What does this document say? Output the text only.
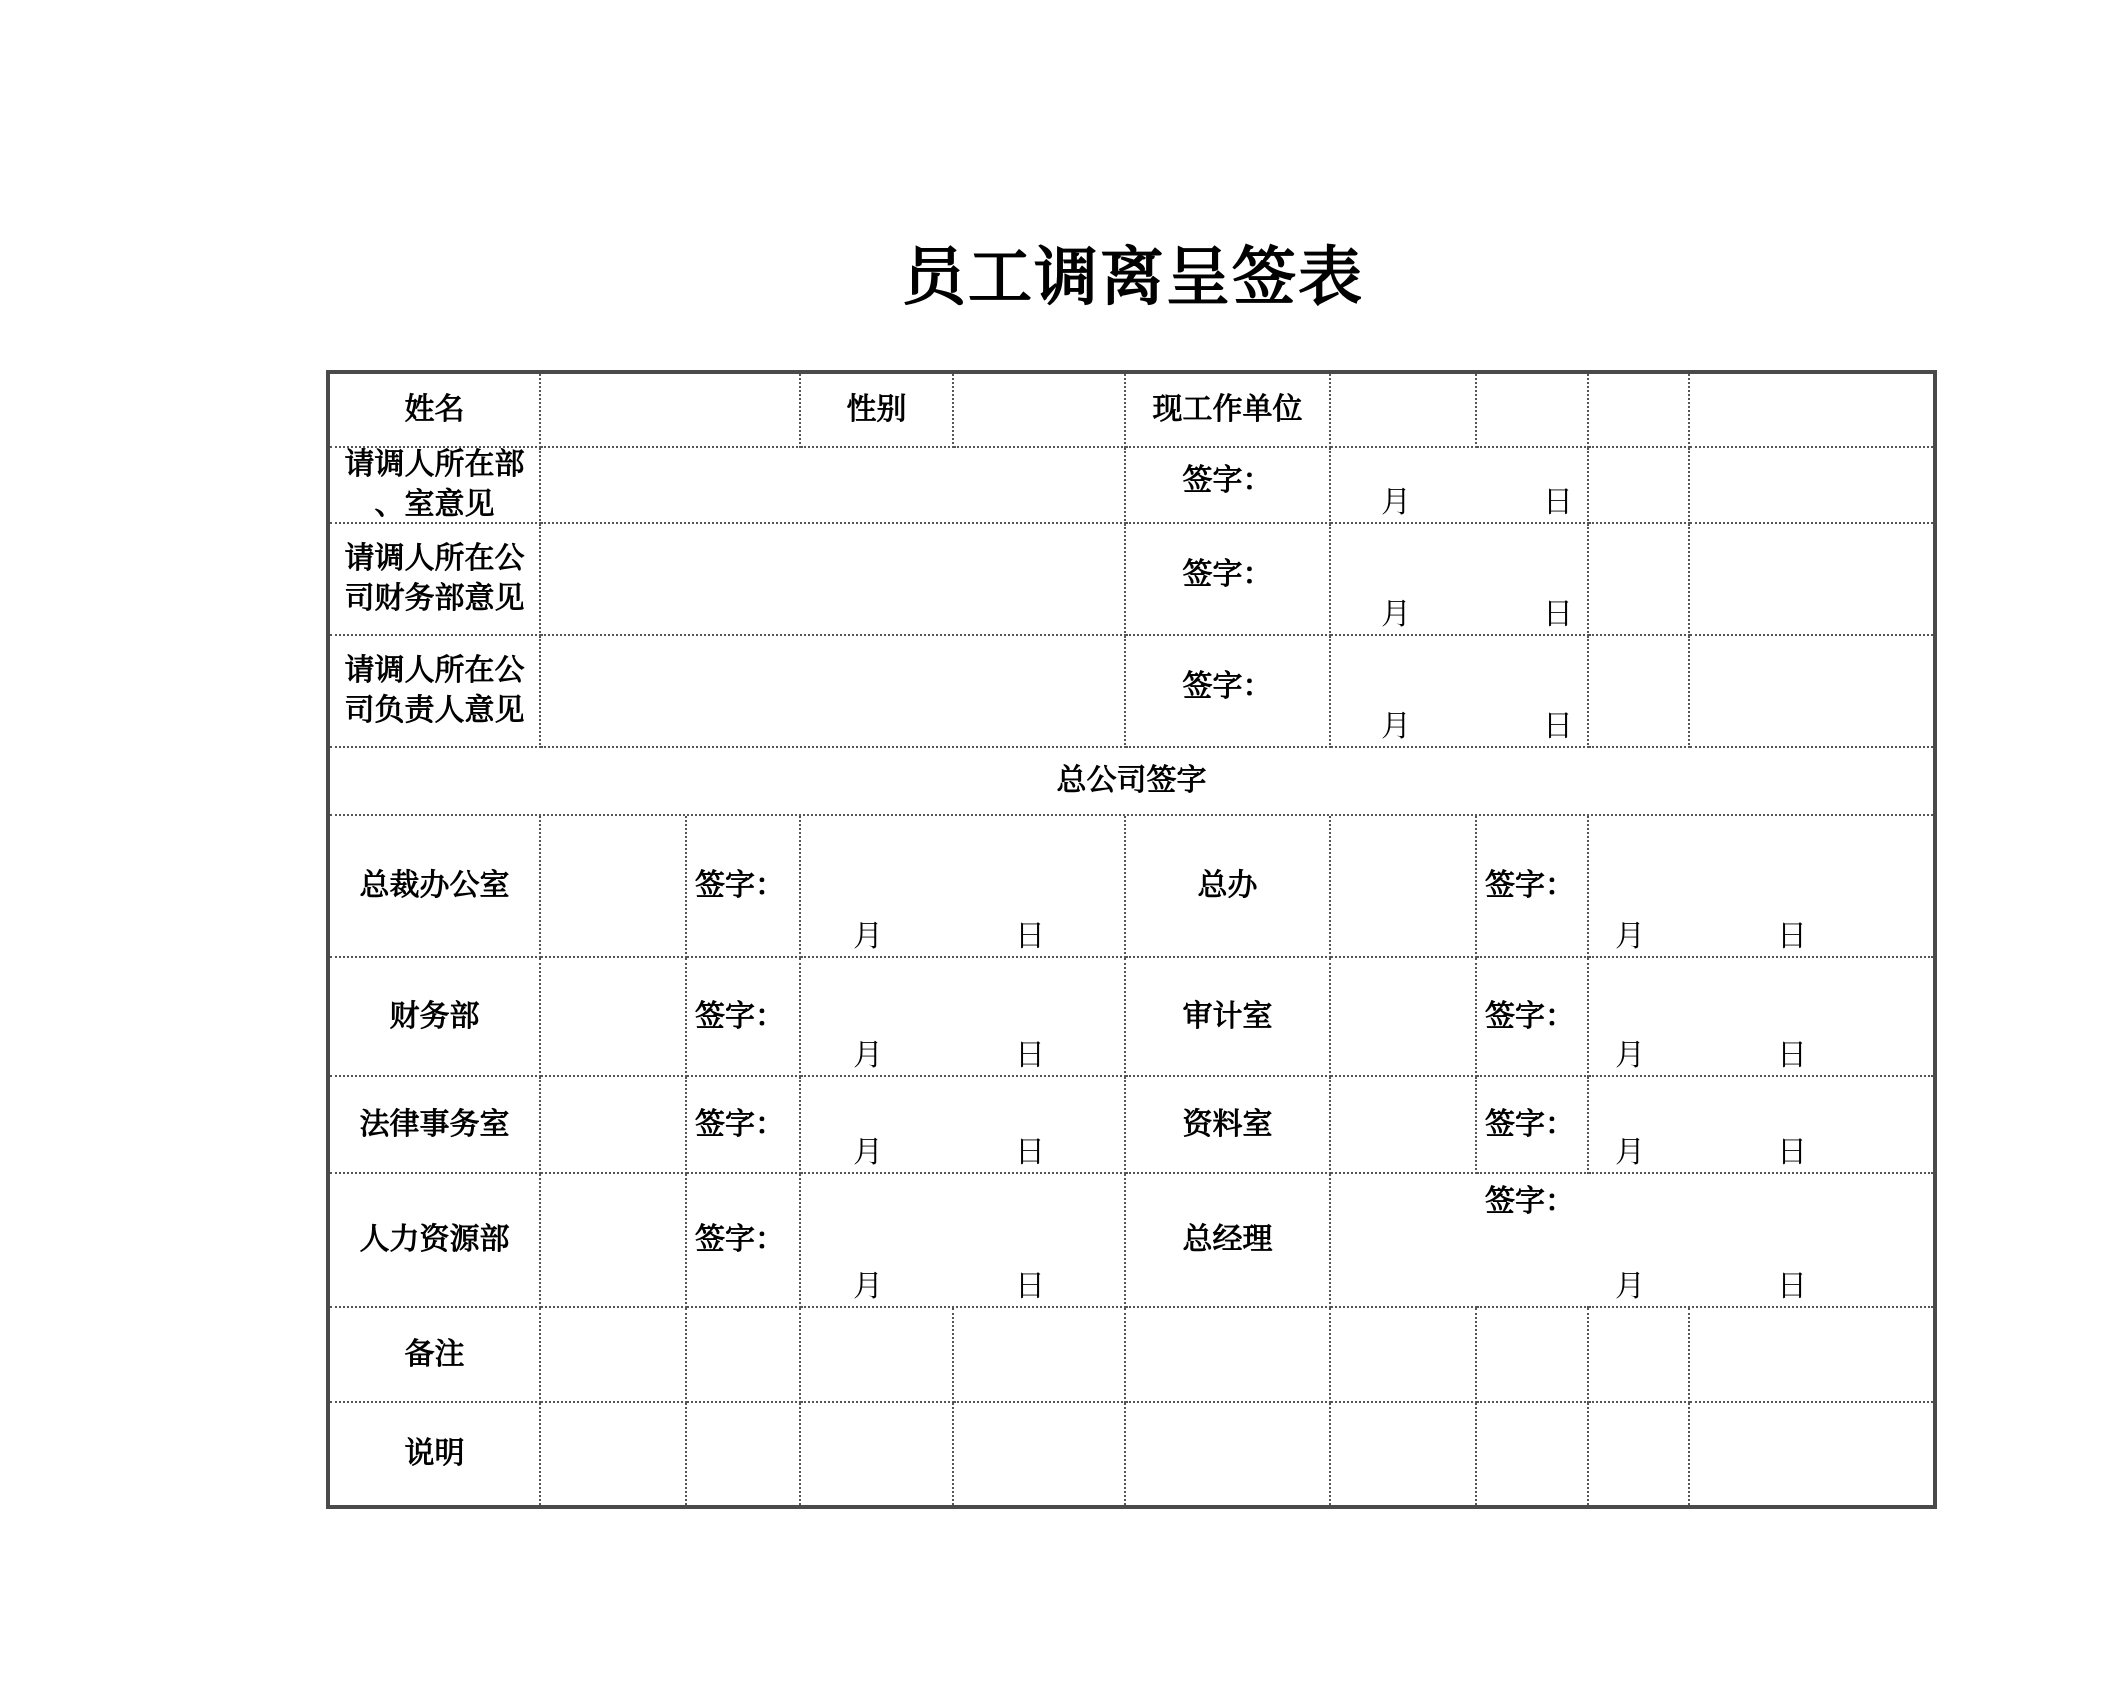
员工调离呈签表
姓名	性别	现工作单位
请调人所在部
、室意见
签字：
月	日
请调人所在公
司财务部意见
签字：
月	日
请调人所在公
司负责人意见
签字：
月	日
总公司签字
总裁办公室	签字：
月	日
总办	签字：
月	日
财务部	签字：
月	日
审计室	签字：
月	日
法律事务室	签字：
月	日
资料室	签字：
月	日
人力资源部	签字：
月	日
总经理
签字：
月	日
备注
说明
